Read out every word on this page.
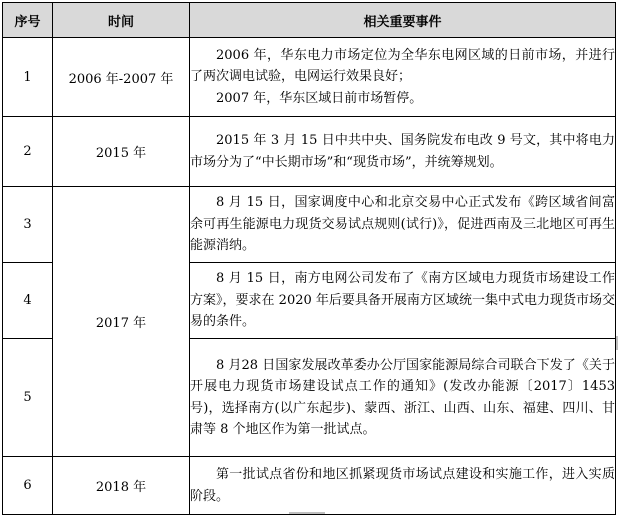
序号	时间	相关重要事件
1	2006 年-2007 年	2006 年，华东电力市场定位为全华东电网区域的日前市场，并进行了两次调电试验，电网运行效果良好；
2007 年，华东区域日前市场暂停。

2	2015 年	2015 年 3 月 15 日中共中央、国务院发布电改 9 号文，其中将电力市场分为了“中长期市场”和“现货市场”，并统筹规划。

3	2017 年	8 月 15 日，国家调度中心和北京交易中心正式发布《跨区域省间富余可再生能源电力现货交易试点规则(试行)》，促进西南及三北地区可再生能源消纳。

4		8 月 15 日，南方电网公司发布了《南方区域电力现货市场建设工作方案》，要求在 2020 年后要具备开展南方区域统一集中式电力现货市场交易的条件。

5		8 月28 日国家发展改革委办公厅国家能源局综合司联合下发了《关于开展电力现货市场建设试点工作的通知》(发改办能源〔2017〕1453 号)，选择南方(以广东起步)、蒙西、浙江、山西、山东、福建、四川、甘肃等 8 个地区作为第一批试点。

6	2018 年	第一批试点省份和地区抓紧现货市场试点建设和实施工作，进入实质阶段。
